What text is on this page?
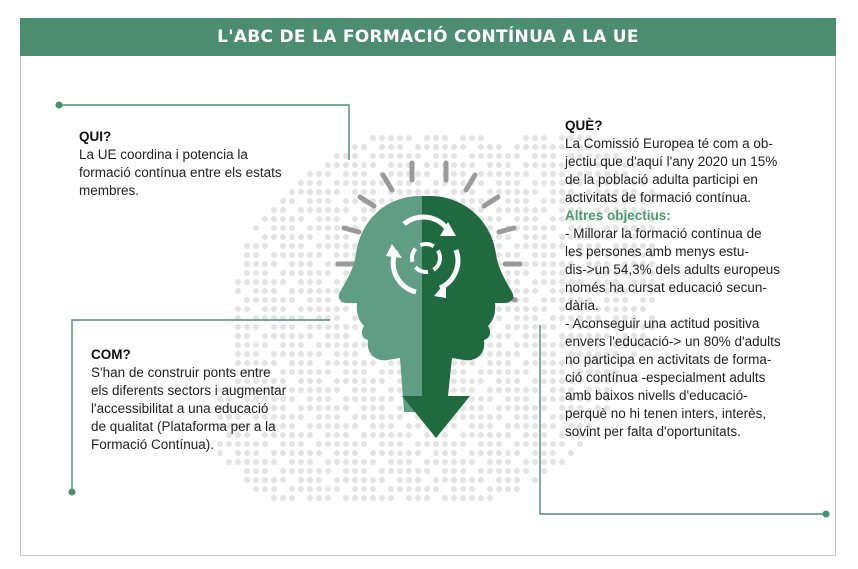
L'ABC DE LA FORMACIÓ CONTÍNUA A LA UE
QUI?

La UE coordina i potencia la
formació contínua entre els estats
membres.

COM?

S'han de construir ponts entre
els diferents sectors i augmentar
l'accessibilitat a una educació
de qualitat (Plataforma per a la
Formació Contínua).

QUÈ?

La Comissió Europea té com a ob-
jectiu que d'aquí l'any 2020 un 15%
de la població adulta participi en
activitats de formació contínua.

Altres objectius:

- Millorar la formació contínua de
les persones amb menys estu-
dis->un 54,3% dels adults europeus
només ha cursat educació secun-
dària.
- Aconseguir una actitud positiva
envers l'educació-> un 80% d'adults
no participa en activitats de forma-
ció contínua -especialment adults
amb baixos nivells d'educació-
perquè no hi tenen inters, interès,
sovint per falta d'oportunitats.
